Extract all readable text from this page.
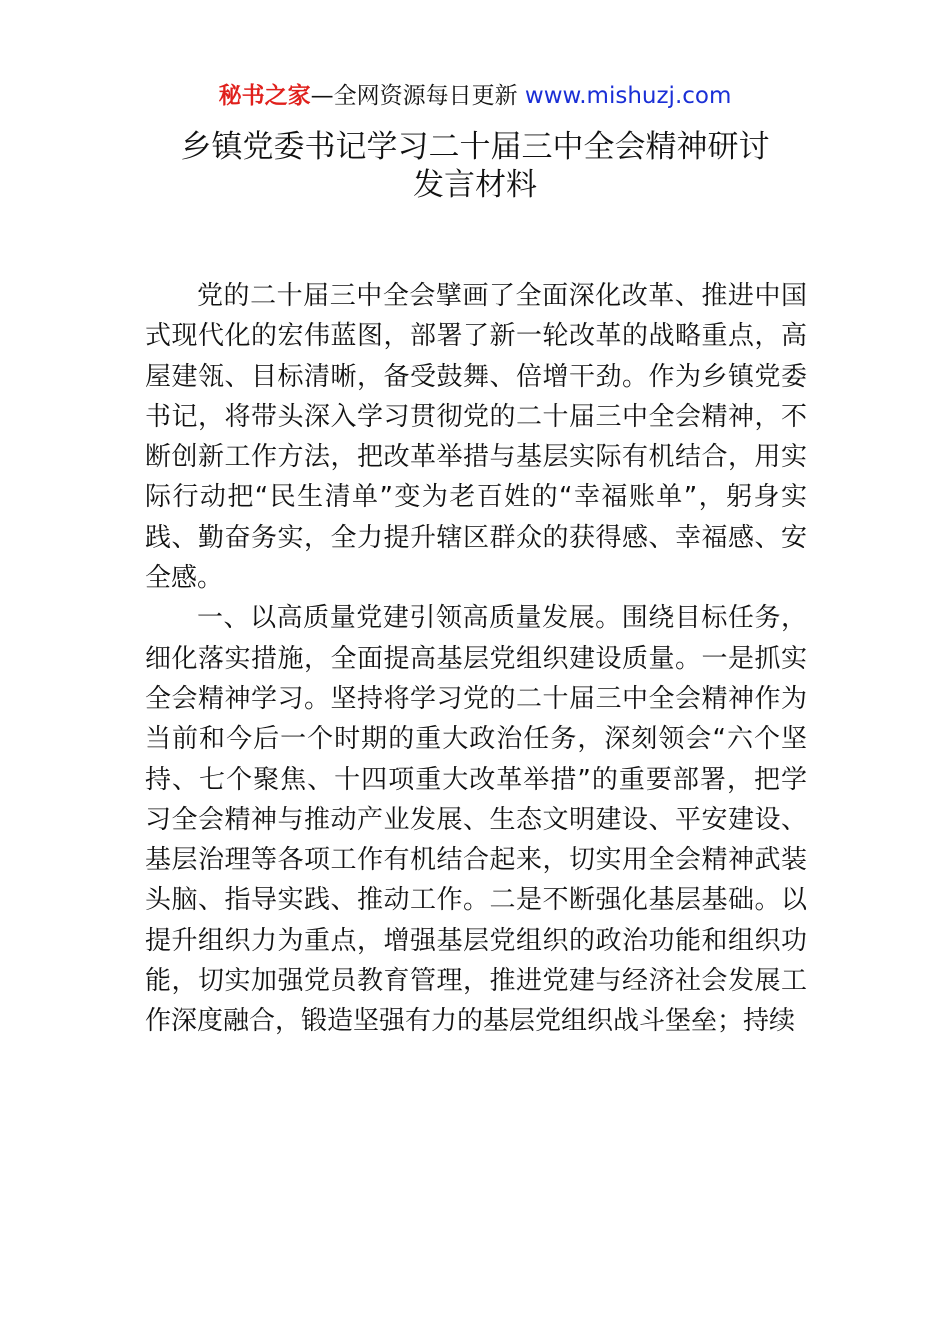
秘书之家—全网资源每日更新 www.mishuzj.com
乡镇党委书记学习二十届三中全会精神研讨
发言材料

党的二十届三中全会擘画了全面深化改革、推进中国式现代化的宏伟蓝图，部署了新一轮改革的战略重点，高屋建瓴、目标清晰，备受鼓舞、倍增干劲。作为乡镇党委书记，将带头深入学习贯彻党的二十届三中全会精神，不断创新工作方法，把改革举措与基层实际有机结合，用实际行动把“民生清单”变为老百姓的“幸福账单”，躬身实践、勤奋务实，全力提升辖区群众的获得感、幸福感、安全感。

一、以高质量党建引领高质量发展。围绕目标任务，细化落实措施，全面提高基层党组织建设质量。一是抓实全会精神学习。坚持将学习党的二十届三中全会精神作为当前和今后一个时期的重大政治任务，深刻领会“六个坚持、七个聚焦、十四项重大改革举措”的重要部署，把学习全会精神与推动产业发展、生态文明建设、平安建设、基层治理等各项工作有机结合起来，切实用全会精神武装头脑、指导实践、推动工作。二是不断强化基层基础。以提升组织力为重点，增强基层党组织的政治功能和组织功能，切实加强党员教育管理，推进党建与经济社会发展工作深度融合，锻造坚强有力的基层党组织战斗堡垒；持续
